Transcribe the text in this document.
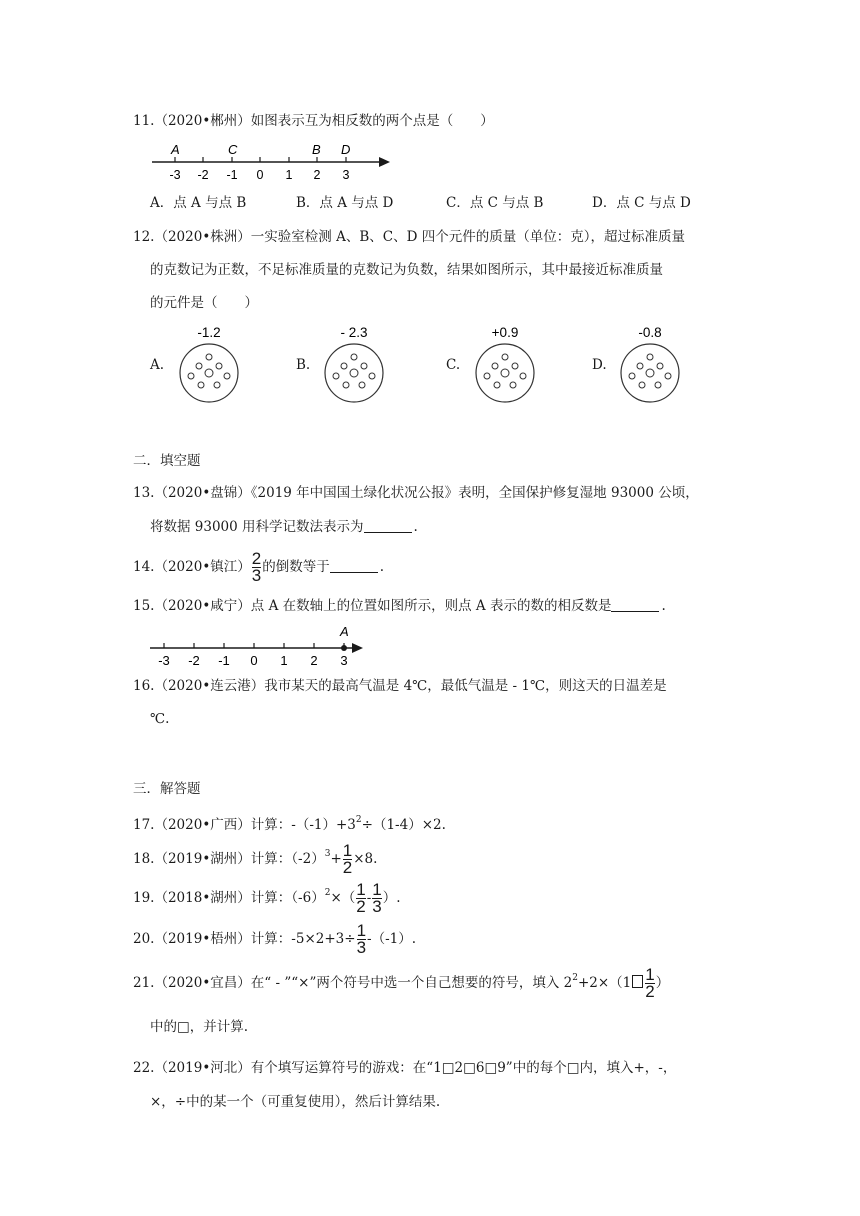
11.（2020•郴州）如图表示互为相反数的两个点是（　　）
A	C	B D
-3 -2 -1 0 1 2 3
A．点 A 与点 B	B．点 A 与点 D	C．点 C 与点 B	D．点 C 与点 D
12.（2020•株洲）一实验室检测 A、B、C、D 四个元件的质量（单位：克），超过标准质量
的克数记为正数，不足标准质量的克数记为负数，结果如图所示，其中最接近标准质量
的元件是（　　）
A.
-1.2
B.
- 2.3
C.
+0.9
D.
-0.8
二．填空题
13.（2020•盘锦）《2019 年中国国土绿化状况公报》表明，全国保护修复湿地 93000 公顷，
将数据 93000 用科学记数法表示为	.
14.（2020•镇江） $\frac{2}{3}$ 的倒数等于	.
15.（2020•咸宁）点 A 在数轴上的位置如图所示，则点 A 表示的数的相反数是	.
A
-3 -2 -1 0 1 2 3
16.（2020•连云港）我市某天的最高气温是 4℃，最低气温是 - 1℃，则这天的日温差是
℃.
三．解答题
17.（2020•广西）计算：$-(-1)+3^2\div(1-4)\times 2$.
18.（2019•湖州）计算：$(-2)^3+ \frac{1}{2} \times 8$.
19.（2018•湖州）计算：$(-6)^2\times( \frac{1}{2} - \frac{1}{3}$ ）.
20.（2019•梧州）计算：$-5\times 2+3\div \frac{1}{3} -(-1)$.
21.（2020•宜昌）在“ - ”“×”两个符号中选一个自己想要的符号，填入 $2^2+2\times(1 \frac{1}{2}$ ）
中的□，并计算.
22.（2019•河北）有个填写运算符号的游戏：在“1□2□6□9”中的每个□内，填入+，-，
×，÷中的某一个（可重复使用），然后计算结果.
